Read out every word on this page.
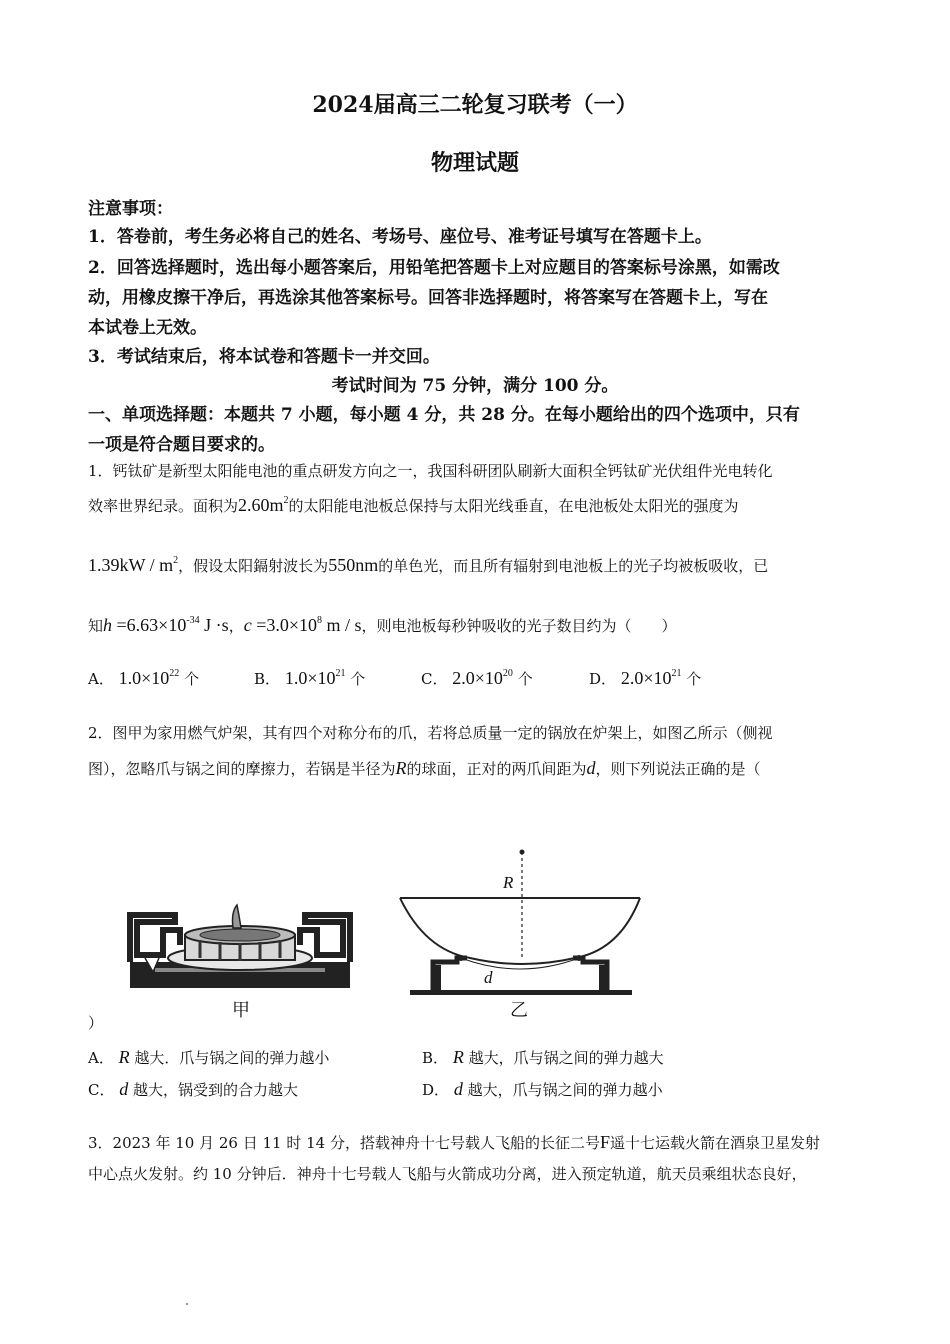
2024届高三二轮复习联考（一）
物理试题
注意事项：
1．答卷前，考生务必将自己的姓名、考场号、座位号、准考证号填写在答题卡上。
2．回答选择题时，选出每小题答案后，用铅笔把答题卡上对应题目的答案标号涂黑，如需改
动，用橡皮擦干净后，再选涂其他答案标号。回答非选择题时，将答案写在答题卡上，写在
本试卷上无效。
3．考试结束后，将本试卷和答题卡一并交回。
考试时间为 75 分钟，满分 100 分。
一、单项选择题：本题共 7 小题，每小题 4 分，共 28 分。在每小题给出的四个选项中，只有
一项是符合题目要求的。
1．钙钛矿是新型太阳能电池的重点研发方向之一，我国科研团队刷新大面积全钙钛矿光伏组件光电转化
效率世界纪录。面积为$2.60m^2$的太阳能电池板总保持与太阳光线垂直，在电池板处太阳光的强度为
$1.39kW / m^2$，假设太阳鎘射波长为550nm的单色光，而且所有辐射到电池板上的光子均被板吸收，已
知$h =6.63\times 10^{-34}$ J ·s，$c =3.0\times 10^8$ m / s，则电池板每秒钟吸收的光子数目约为（　　）
A． $1.0\times 10^{22}$ 个	B． $1.0\times 10^{21}$ 个	C． $2.0\times 10^{20}$ 个	D． $2.0\times 10^{21}$ 个
2．图甲为家用燃气炉架，其有四个对称分布的爪，若将总质量一定的锅放在炉架上，如图乙所示（侧视
图），忽略爪与锅之间的摩擦力，若锅是半径为R的球面，正对的两爪间距为d，则下列说法正确的是（
甲
R
d
乙
）
A． R 越大．爪与锅之间的弹力越小	B． R 越大，爪与锅之间的弹力越大
C． d 越大，锅受到的合力越大	D． d 越大，爪与锅之间的弹力越小
3．2023 年 10 月 26 日 11 时 14 分，搭载神舟十七号载人飞船的长征二号F遥十七运载火箭在酒泉卫星发射
中心点火发射。约 10 分钟后．神舟十七号载人飞船与火箭成功分离，进入预定轨道，航天员乘组状态良好，
